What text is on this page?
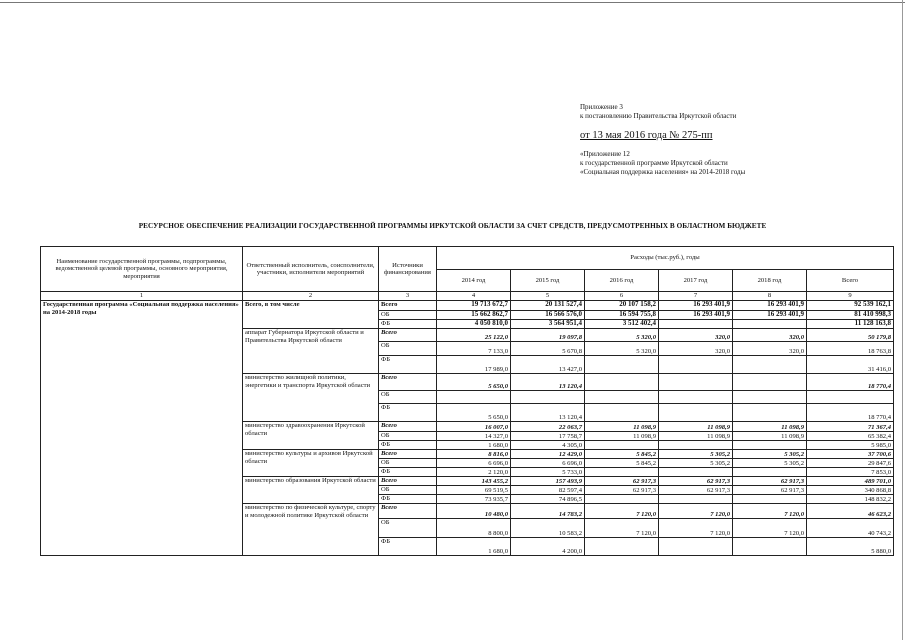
Приложение 3
к постановлению Правительства Иркутской области
от 13 мая 2016 года № 275-пп
«Приложение 12
к государственной программе Иркутской области
«Социальная поддержка населения» на 2014-2018 годы
РЕСУРСНОЕ ОБЕСПЕЧЕНИЕ РЕАЛИЗАЦИИ ГОСУДАРСТВЕННОЙ ПРОГРАММЫ ИРКУТСКОЙ ОБЛАСТИ ЗА СЧЕТ СРЕДСТВ, ПРЕДУСМОТРЕННЫХ В ОБЛАСТНОМ БЮДЖЕТЕ
Наименование государственной программы, подпрограммы, ведомственной целевой программы, основного мероприятия, мероприятия	Ответственный исполнитель, соисполнители, участники, исполнители мероприятий	Источники финансирования	Расходы (тыс.руб.), годы					
			2014 год	2015 год	2016 год	2017 год	2018 год	Всего
1	2	3	4	5	6	7	8	9
Государственная программа «Социальная поддержка населения» на 2014-2018 годы	Всего, в том числе	Всего	19 713 672,7	20 131 527,4	20 107 158,2	16 293 401,9	16 293 401,9	92 539 162,1
		ОБ	15 662 862,7	16 566 576,0	16 594 755,8	16 293 401,9	16 293 401,9	81 410 998,3
		ФБ	4 050 810,0	3 564 951,4	3 512 402,4			11 128 163,8
	аппарат Губернатора Иркутской области и Правительства Иркутской области	Всего	25 122,0	19 097,8	5 320,0	320,0	320,0	50 179,8
		ОБ	7 133,0	5 670,8	5 320,0	320,0	320,0	18 763,8
		ФБ	17 989,0	13 427,0				31 416,0
	министерство жилищной политики, энергетики и транспорта Иркутской области	Всего	5 650,0	13 120,4				18 770,4
		ОБ						
		ФБ	5 650,0	13 120,4				18 770,4
	министерство здравоохранения Иркутской области	Всего	16 007,0	22 063,7	11 098,9	11 098,9	11 098,9	71 367,4
		ОБ	14 327,0	17 758,7	11 098,9	11 098,9	11 098,9	65 382,4
		ФБ	1 680,0	4 305,0				5 985,0
	министерство культуры и архивов Иркутской области	Всего	8 816,0	12 429,0	5 845,2	5 305,2	5 305,2	37 700,6
		ОБ	6 696,0	6 696,0	5 845,2	5 305,2	5 305,2	29 847,6
		ФБ	2 120,0	5 733,0				7 853,0
	министерство образования Иркутской области	Всего	143 455,2	157 493,9	62 917,3	62 917,3	62 917,3	489 701,0
		ОБ	69 519,5	82 597,4	62 917,3	62 917,3	62 917,3	340 868,8
		ФБ	73 935,7	74 896,5				148 832,2
	министерство по физической культуре, спорту и молодежной политике Иркутской области	Всего	10 480,0	14 783,2	7 120,0	7 120,0	7 120,0	46 623,2
		ОБ	8 800,0	10 583,2	7 120,0	7 120,0	7 120,0	40 743,2
		ФБ	1 680,0	4 200,0				5 880,0
